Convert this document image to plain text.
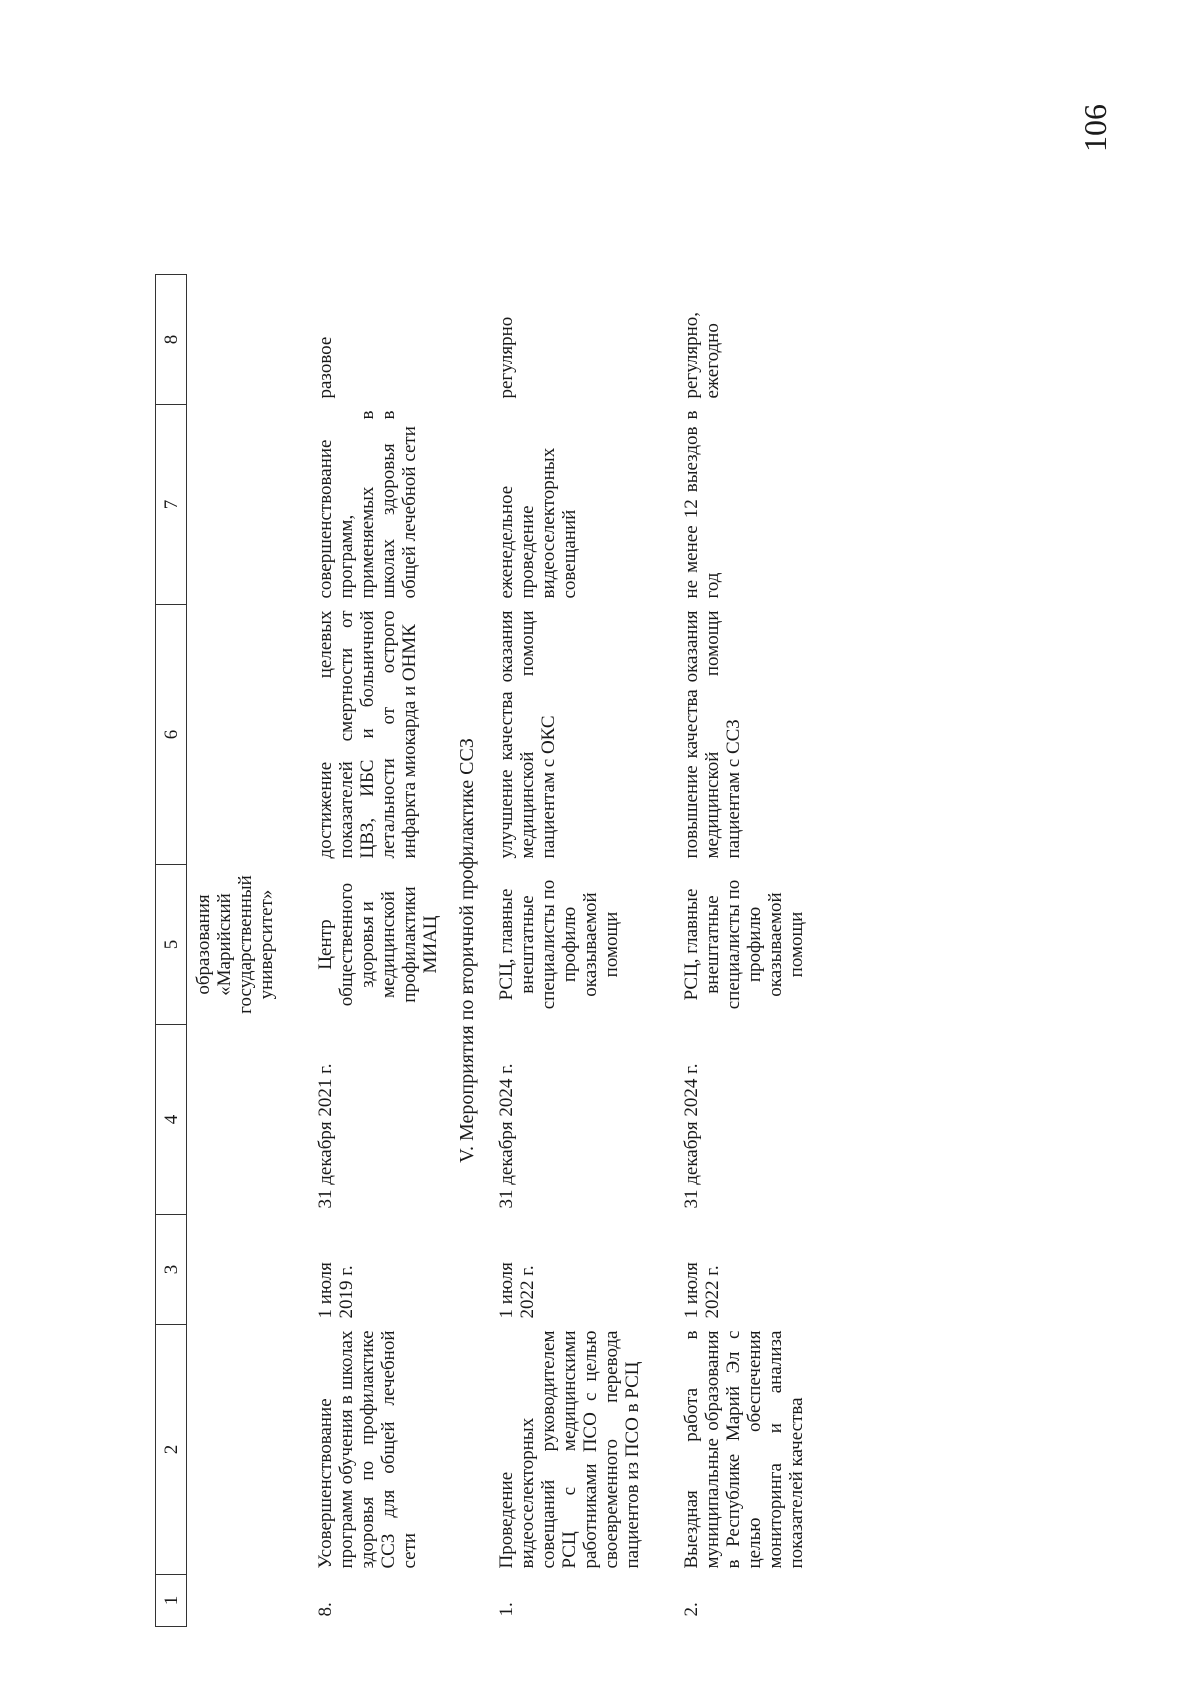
106
1	2	3	4	5	6	7	8
				образования «Марийский государственный университет»			
8.	Усовершенствование программ обучения в школах здоровья по профилактике ССЗ для общей лечебной сети	1 июля 2019 г.	31 декабря 2021 г.	Центр общественного здоровья и медицинской профилактики МИАЦ	достижение целевых показателей смертности от ЦВЗ, ИБС и больничной летальности от острого инфаркта миокарда и ОНМК	совершенствование программ, применяемых в школах здоровья в общей лечебной сети	разовое
V. Мероприятия по вторичной профилактике ССЗ							
1.	Проведение видеоселекторных совещаний руководителем РСЦ с медицинскими работниками ПСО с целью своевременного перевода пациентов из ПСО в РСЦ	1 июля 2022 г.	31 декабря 2024 г.	РСЦ, главные внештатные специалисты по профилю оказываемой помощи	улучшение качества оказания медицинской помощи пациентам с ОКС	еженедельное проведение видеоселекторных совещаний	регулярно
2.	Выездная работа в муниципальные образования в Республике Марий Эл с целью обеспечения мониторинга и анализа показателей качества	1 июля 2022 г.	31 декабря 2024 г.	РСЦ, главные внештатные специалисты по профилю оказываемой помощи	повышение качества оказания медицинской помощи пациентам с ССЗ	не менее 12 выездов в год	регулярно, ежегодно
